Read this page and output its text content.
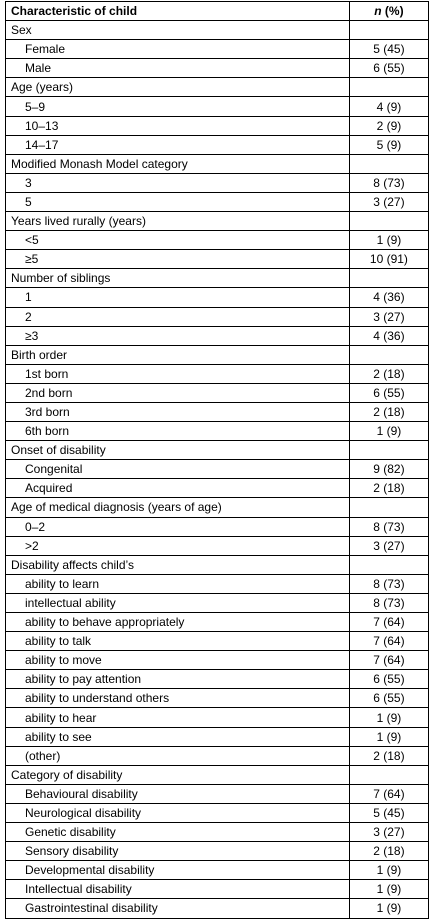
Characteristic of child	n (%)
Sex	
Female	5 (45)
Male	6 (55)
Age (years)	
5–9	4 (9)
10–13	2 (9)
14–17	5 (9)
Modified Monash Model category	
3	8 (73)
5	3 (27)
Years lived rurally (years)	
<5	1 (9)
≥5	10 (91)
Number of siblings	
1	4 (36)
2	3 (27)
≥3	4 (36)
Birth order	
1st born	2 (18)
2nd born	6 (55)
3rd born	2 (18)
6th born	1 (9)
Onset of disability	
Congenital	9 (82)
Acquired	2 (18)
Age of medical diagnosis (years of age)	
0–2	8 (73)
>2	3 (27)
Disability affects child’s	
ability to learn	8 (73)
intellectual ability	8 (73)
ability to behave appropriately	7 (64)
ability to talk	7 (64)
ability to move	7 (64)
ability to pay attention	6 (55)
ability to understand others	6 (55)
ability to hear	1 (9)
ability to see	1 (9)
(other)	2 (18)
Category of disability	
Behavioural disability	7 (64)
Neurological disability	5 (45)
Genetic disability	3 (27)
Sensory disability	2 (18)
Developmental disability	1 (9)
Intellectual disability	1 (9)
Gastrointestinal disability	1 (9)
